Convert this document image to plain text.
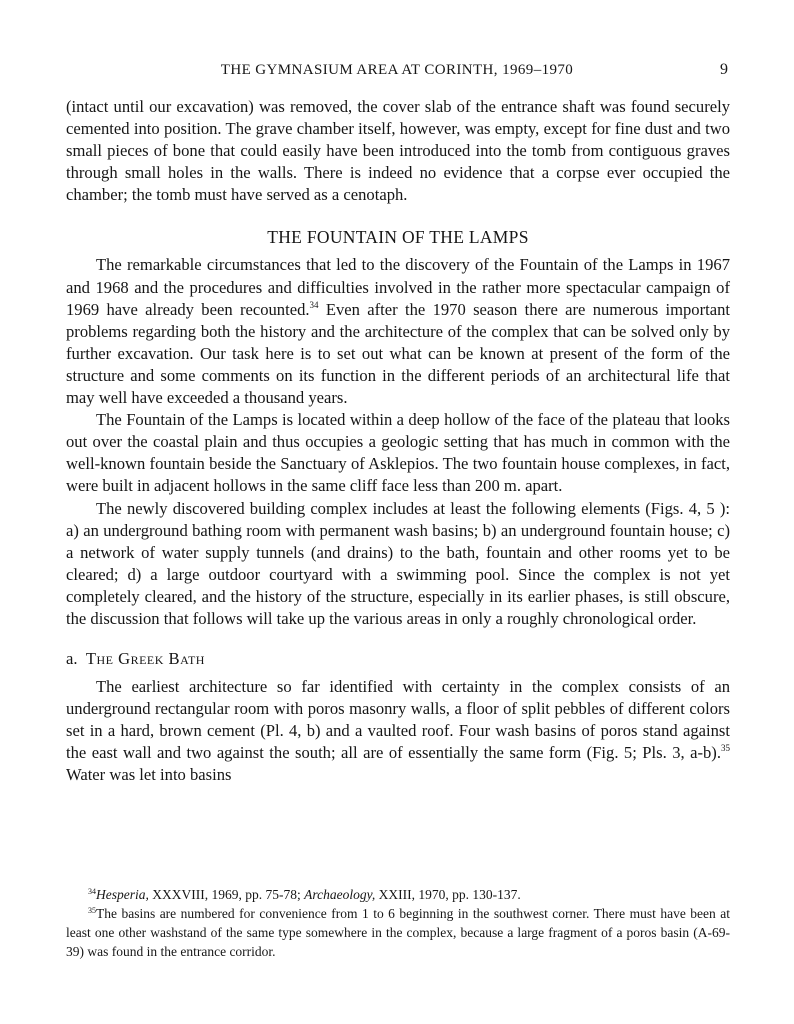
THE GYMNASIUM AREA AT CORINTH, 1969–1970	9

(intact until our excavation) was removed, the cover slab of the entrance shaft was found securely cemented into position. The grave chamber itself, however, was empty, except for fine dust and two small pieces of bone that could easily have been introduced into the tomb from contiguous graves through small holes in the walls. There is indeed no evidence that a corpse ever occupied the chamber; the tomb must have served as a cenotaph.

THE FOUNTAIN OF THE LAMPS

The remarkable circumstances that led to the discovery of the Fountain of the Lamps in 1967 and 1968 and the procedures and difficulties involved in the rather more spectacular campaign of 1969 have already been recounted.$^{34}$ Even after the 1970 season there are numerous important problems regarding both the history and the architecture of the complex that can be solved only by further excavation. Our task here is to set out what can be known at present of the form of the structure and some comments on its function in the different periods of an architectural life that may well have exceeded a thousand years.

The Fountain of the Lamps is located within a deep hollow of the face of the plateau that looks out over the coastal plain and thus occupies a geologic setting that has much in common with the well-known fountain beside the Sanctuary of Asklepios. The two fountain house complexes, in fact, were built in adjacent hollows in the same cliff face less than 200 m. apart.

The newly discovered building complex includes at least the following elements (Figs. 4, 5 ): a) an underground bathing room with permanent wash basins; b) an underground fountain house; c) a network of water supply tunnels (and drains) to the bath, fountain and other rooms yet to be cleared; d) a large outdoor courtyard with a swimming pool. Since the complex is not yet completely cleared, and the history of the structure, especially in its earlier phases, is still obscure, the discussion that follows will take up the various areas in only a roughly chronological order.

a. The Greek Bath

The earliest architecture so far identified with certainty in the complex consists of an underground rectangular room with poros masonry walls, a floor of split pebbles of different colors set in a hard, brown cement (Pl. 4, b) and a vaulted roof. Four wash basins of poros stand against the east wall and two against the south; all are of essentially the same form (Fig. 5; Pls. 3, a-b).$^{35}$ Water was let into basins

$^{34}$Hesperia, XXXVIII, 1969, pp. 75-78; Archaeology, XXIII, 1970, pp. 130-137.

$^{35}$The basins are numbered for convenience from 1 to 6 beginning in the southwest corner. There must have been at least one other washstand of the same type somewhere in the complex, because a large fragment of a poros basin (A-69-39) was found in the entrance corridor.
